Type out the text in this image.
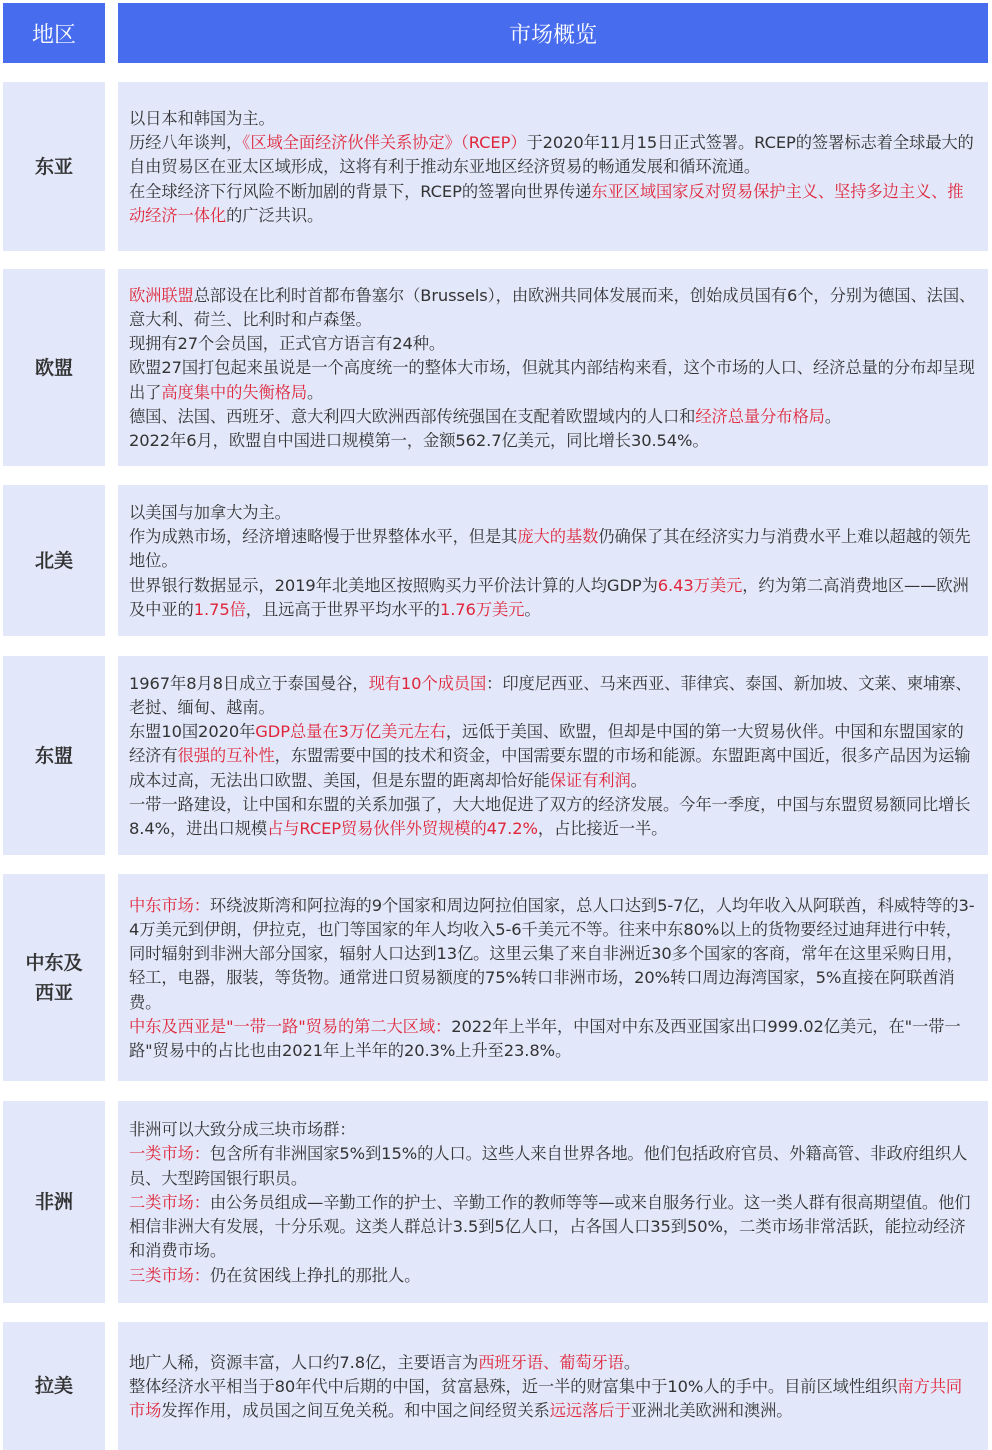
地区	市场概览
东亚

以日本和韩国为主。

历经八年谈判，《区域全面经济伙伴关系协定》（RCEP）于2020年11月15日正式签署。RCEP的签署标志着全球最大的自由贸易区在亚太区域形成，这将有利于推动东亚地区经济贸易的畅通发展和循环流通。

在全球经济下行风险不断加剧的背景下，RCEP的签署向世界传递东亚区域国家反对贸易保护主义、坚持多边主义、推动经济一体化的广泛共识。

欧盟

欧洲联盟总部设在比利时首都布鲁塞尔（Brussels），由欧洲共同体发展而来，创始成员国有6个，分别为德国、法国、意大利、荷兰、比利时和卢森堡。

现拥有27个会员国，正式官方语言有24种。

欧盟27国打包起来虽说是一个高度统一的整体大市场，但就其内部结构来看，这个市场的人口、经济总量的分布却呈现出了高度集中的失衡格局。

德国、法国、西班牙、意大利四大欧洲西部传统强国在支配着欧盟域内的人口和经济总量分布格局。

2022年6月，欧盟自中国进口规模第一，金额562.7亿美元，同比增长30.54%。

北美

以美国与加拿大为主。

作为成熟市场，经济增速略慢于世界整体水平，但是其庞大的基数仍确保了其在经济实力与消费水平上难以超越的领先地位。

世界银行数据显示，2019年北美地区按照购买力平价法计算的人均GDP为6.43万美元，约为第二高消费地区——欧洲及中亚的1.75倍，且远高于世界平均水平的1.76万美元。

东盟

1967年8月8日成立于泰国曼谷，现有10个成员国：印度尼西亚、马来西亚、菲律宾、泰国、新加坡、文莱、柬埔寨、老挝、缅甸、越南。

东盟10国2020年GDP总量在3万亿美元左右，远低于美国、欧盟，但却是中国的第一大贸易伙伴。中国和东盟国家的经济有很强的互补性，东盟需要中国的技术和资金，中国需要东盟的市场和能源。东盟距离中国近，很多产品因为运输成本过高，无法出口欧盟、美国，但是东盟的距离却恰好能保证有利润。

一带一路建设，让中国和东盟的关系加强了，大大地促进了双方的经济发展。今年一季度，中国与东盟贸易额同比增长8.4%，进出口规模占与RCEP贸易伙伴外贸规模的47.2%，占比接近一半。

中东及
西亚

中东市场：环绕波斯湾和阿拉海的9个国家和周边阿拉伯国家，总人口达到5-7亿，人均年收入从阿联酋，科威特等的3-4万美元到伊朗，伊拉克，也门等国家的年人均收入5-6千美元不等。往来中东80%以上的货物要经过迪拜进行中转，同时辐射到非洲大部分国家，辐射人口达到13亿。这里云集了来自非洲近30多个国家的客商，常年在这里采购日用，轻工，电器，服装，等货物。通常进口贸易额度的75%转口非洲市场，20%转口周边海湾国家，5%直接在阿联酋消费。

中东及西亚是"一带一路"贸易的第二大区域：2022年上半年，中国对中东及西亚国家出口999.02亿美元，在"一带一路"贸易中的占比也由2021年上半年的20.3%上升至23.8%。

非洲

非洲可以大致分成三块市场群：

一类市场：包含所有非洲国家5%到15%的人口。这些人来自世界各地。他们包括政府官员、外籍高管、非政府组织人员、大型跨国银行职员。

二类市场：由公务员组成—辛勤工作的护士、辛勤工作的教师等等—或来自服务行业。这一类人群有很高期望值。他们相信非洲大有发展，十分乐观。这类人群总计3.5到5亿人口，占各国人口35到50%，二类市场非常活跃，能拉动经济和消费市场。

三类市场：仍在贫困线上挣扎的那批人。

拉美

地广人稀，资源丰富，人口约7.8亿，主要语言为西班牙语、葡萄牙语。

整体经济水平相当于80年代中后期的中国，贫富悬殊，近一半的财富集中于10%人的手中。目前区域性组织南方共同市场发挥作用，成员国之间互免关税。和中国之间经贸关系远远落后于亚洲北美欧洲和澳洲。
